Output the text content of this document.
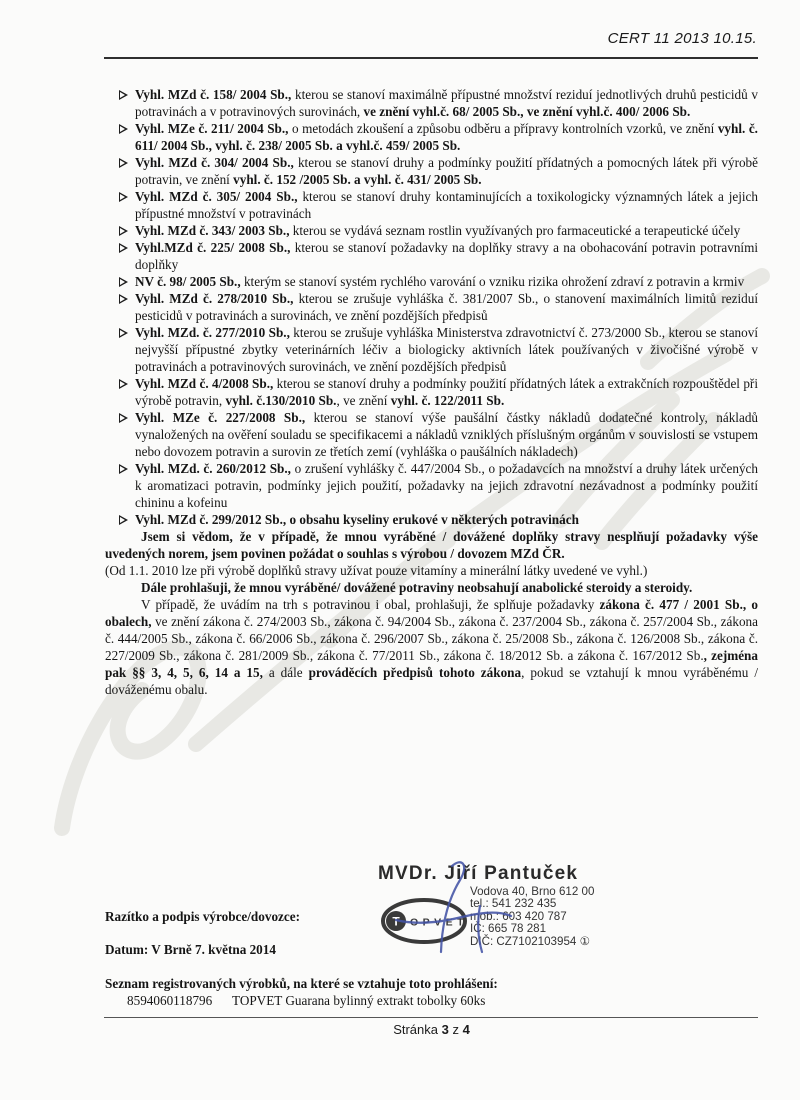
CERT 11 2013 10.15.
Vyhl. MZd č. 158/ 2004 Sb., kterou se stanoví maximálně přípustné množství reziduí jednotlivých druhů pesticidů v potravinách a v potravinových surovinách, ve znění vyhl.č. 68/ 2005 Sb., ve znění vyhl.č. 400/ 2006 Sb.
Vyhl. MZe č. 211/ 2004 Sb., o metodách zkoušení a způsobu odběru a přípravy kontrolních vzorků, ve znění vyhl. č. 611/ 2004 Sb., vyhl. č. 238/ 2005 Sb. a vyhl.č. 459/ 2005 Sb.
Vyhl. MZd č. 304/ 2004 Sb., kterou se stanoví druhy a podmínky použití přídatných a pomocných látek při výrobě potravin, ve znění vyhl. č. 152 /2005 Sb. a vyhl. č. 431/ 2005 Sb.
Vyhl. MZd č. 305/ 2004 Sb., kterou se stanoví druhy kontaminujících a toxikologicky významných látek a jejich přípustné množství v potravinách
Vyhl. MZd č. 343/ 2003 Sb., kterou se vydává seznam rostlin využívaných pro farmaceutické a terapeutické účely
Vyhl.MZd č. 225/ 2008 Sb., kterou se stanoví požadavky na doplňky stravy a na obohacování potravin potravními doplňky
NV č. 98/ 2005 Sb., kterým se stanoví systém rychlého varování o vzniku rizika ohrožení zdraví z potravin a krmiv
Vyhl. MZd č. 278/2010 Sb., kterou se zrušuje vyhláška č. 381/2007 Sb., o stanovení maximálních limitů reziduí pesticidů v potravinách a surovinách, ve znění pozdějších předpisů
Vyhl. MZd. č. 277/2010 Sb., kterou se zrušuje vyhláška Ministerstva zdravotnictví č. 273/2000 Sb., kterou se stanoví nejvyšší přípustné zbytky veterinárních léčiv a biologicky aktivních látek používaných v živočišné výrobě v potravinách a potravinových surovinách, ve znění pozdějších předpisů
Vyhl. MZd č. 4/2008 Sb., kterou se stanoví druhy a podmínky použití přídatných látek a extrakčních rozpouštědel při výrobě potravin, vyhl. č.130/2010 Sb., ve znění vyhl. č. 122/2011 Sb.
Vyhl. MZe č. 227/2008 Sb., kterou se stanoví výše paušální částky nákladů dodatečné kontroly, nákladů vynaložených na ověření souladu se specifikacemi a nákladů vzniklých příslušným orgánům v souvislosti se vstupem nebo dovozem potravin a surovin ze třetích zemí (vyhláška o paušálních nákladech)
Vyhl. MZd. č. 260/2012 Sb., o zrušení vyhlášky č. 447/2004 Sb., o požadavcích na množství a druhy látek určených k aromatizaci potravin, podmínky jejich použití, požadavky na jejich zdravotní nezávadnost a podmínky použití chininu a kofeinu
Vyhl. MZd č. 299/2012 Sb., o obsahu kyseliny erukové v některých potravinách

Jsem si vědom, že v případě, že mnou vyráběné / dovážené doplňky stravy nesplňují požadavky výše uvedených norem, jsem povinen požádat o souhlas s výrobou / dovozem MZd ČR.

(Od 1.1. 2010 lze při výrobě doplňků stravy užívat pouze vitamíny a minerální látky uvedené ve vyhl.)

Dále prohlašuji, že mnou vyráběné/ dovážené potraviny neobsahují anabolické steroidy a steroidy.

V případě, že uvádím na trh s potravinou i obal, prohlašuji, že splňuje požadavky zákona č. 477 / 2001 Sb., o obalech, ve znění zákona č. 274/2003 Sb., zákona č. 94/2004 Sb., zákona č. 237/2004 Sb., zákona č. 257/2004 Sb., zákona č. 444/2005 Sb., zákona č. 66/2006 Sb., zákona č. 296/2007 Sb., zákona č. 25/2008 Sb., zákona č. 126/2008 Sb., zákona č. 227/2009 Sb., zákona č. 281/2009 Sb., zákona č. 77/2011 Sb., zákona č. 18/2012 Sb. a zákona č. 167/2012 Sb., zejména pak §§ 3, 4, 5, 6, 14 a 15, a dále prováděcích předpisů tohoto zákona, pokud se vztahují k mnou vyráběnému / dováženému obalu.

Razítko a podpis výrobce/dovozce:
Datum: V Brně 7. května 2014
Seznam registrovaných výrobků, na které se vztahuje toto prohlášení:
8594060118796	TOPVET Guarana bylinný extrakt tobolky 60ks
MVDr. Jiří Pantuček
Vodova 40, Brno 612 00
tel.: 541 232 435
mob.: 603 420 787
IČ: 665 78 281
DIČ: CZ7102103954 ①
T OPVET
Stránka 3 z 4
